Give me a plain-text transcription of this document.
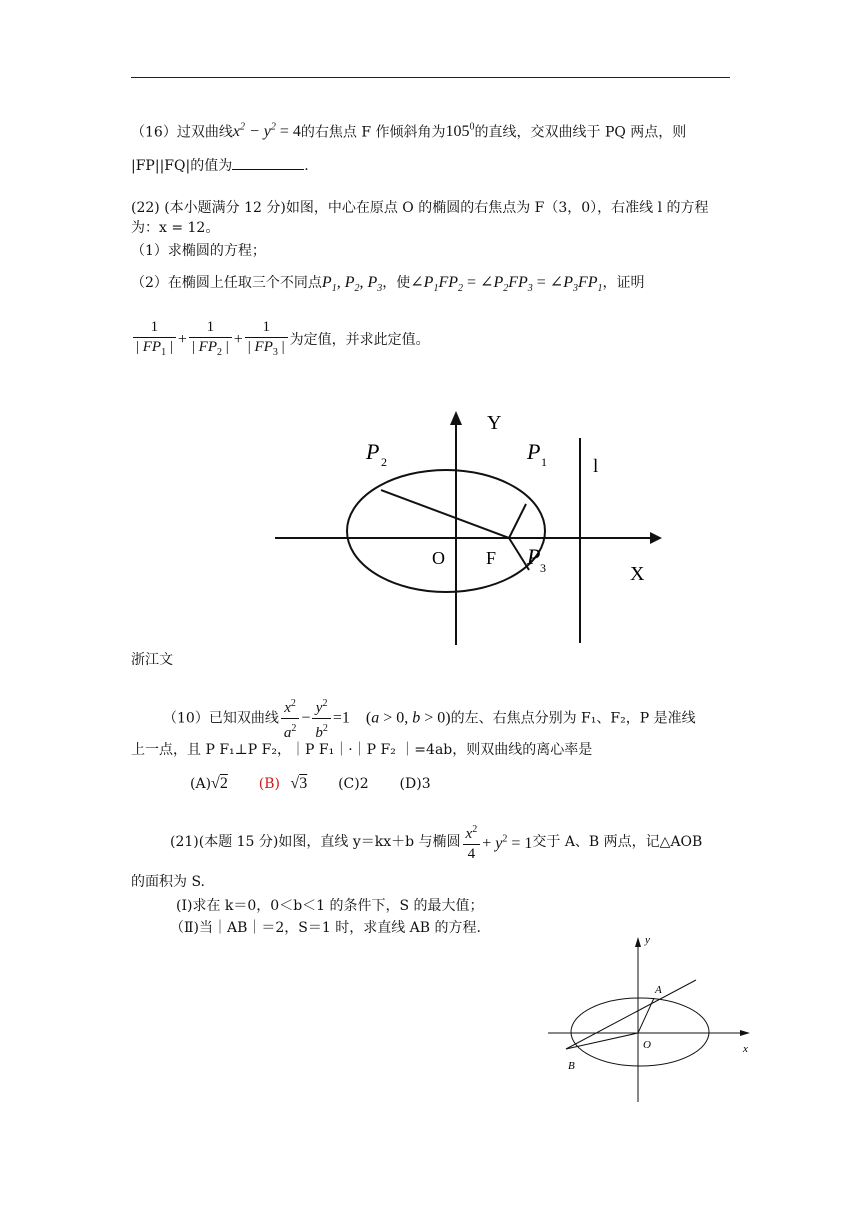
（16）过双曲线$x^2 - y^2 = 4$的右焦点 F 作倾斜角为$105^0$的直线，交双曲线于 PQ 两点，则
|FP||FQ|的值为	.
(22) (本小题满分 12 分)如图，中心在原点 O 的椭圆的右焦点为 F（3，0），右准线 l 的方程
为：x = 12。
（1）求椭圆的方程；
（2）在椭圆上任取三个不同点$P_1$, $P_2$, $P_3$，使$\angle P_1FP_2$ = $\angle P_2FP_3$ = $\angle P_3FP_1$，证明
$\frac{1}{| FP_1 |} + \frac{1}{| FP_2 |} + \frac{1}{| FP_3 |}$ 为定值，并求此定值。
Y
X
O F
l
P 2	P 1
P 3
浙江文
（10）已知双曲线 $\frac{x^2}{a^2} - \frac{y^2}{b^2} =1$    (a > 0, b > 0)的左、右焦点分别为 F₁、F₂，P 是准线
上一点，且 P F₁⊥P F₂，｜P F₁｜·｜P F₂ ｜=4ab，则双曲线的离心率是
(A)√2 (B) √3 (C)2 (D)3
(21)(本题 15 分)如图，直线 y＝kx＋b 与椭圆 $\frac{x^2}{4} + y^2 = 1$交于 A、B 两点，记△AOB
的面积为 S.
(I)求在 k＝0，0＜b＜1 的条件下，S 的最大值；
（Ⅱ)当｜AB｜＝2，S＝1 时，求直线 AB 的方程.
y
x
O
A
B
